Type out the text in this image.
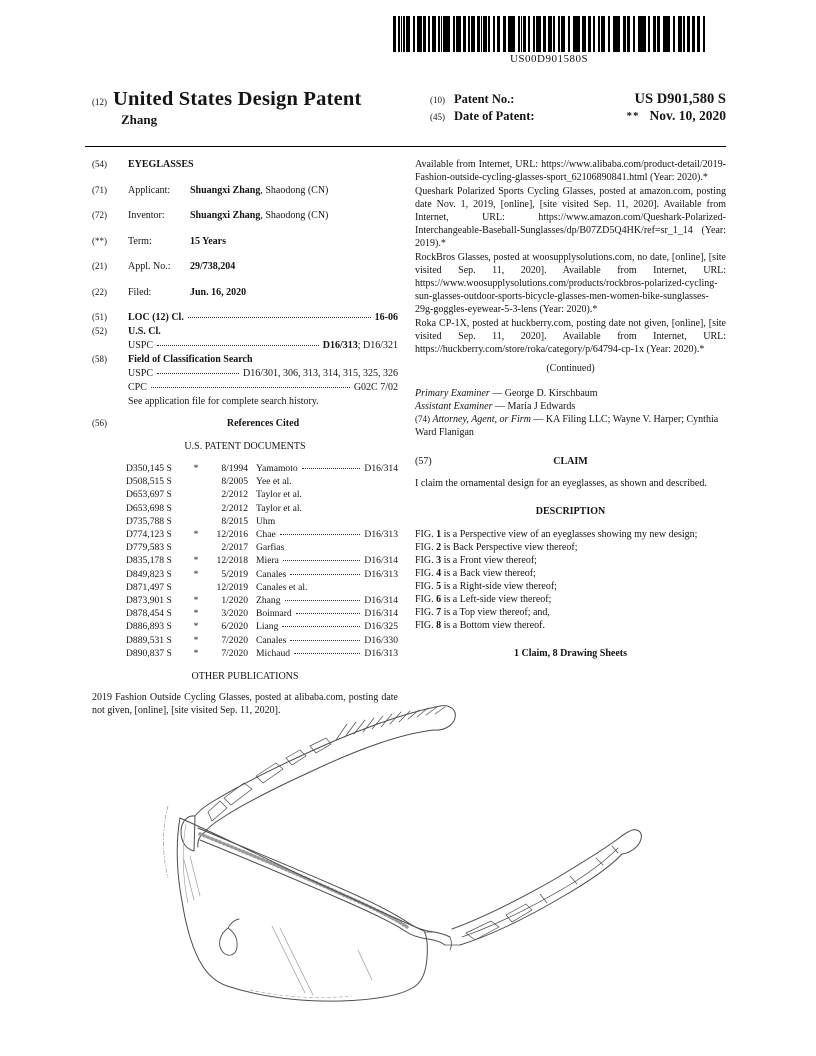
US00D901580S
(12) United States Design Patent
Zhang
(10) Patent No.:	US D901,580 S
(45) Date of Patent:	** Nov. 10, 2020
(54)	EYEGLASSES
(71)	Applicant:	Shuangxi Zhang, Shaodong (CN)
(72)	Inventor:	Shuangxi Zhang, Shaodong (CN)
(**)	Term:	15 Years
(21)	Appl. No.:	29/738,204
(22)	Filed:	Jun. 16, 2020
(51)	LOC (12) Cl.	16-06
(52)	U.S. Cl.
USPC	D16/313; D16/321
(58)	Field of Classification Search
USPC	D16/301, 306, 313, 314, 315, 325, 326
CPC	G02C 7/02
See application file for complete search history.
(56)	References Cited
U.S. PATENT DOCUMENTS
D350,145 S	*	8/1994 Yamamoto	D16/314
D508,515 S	8/2005 Yee et al.
D653,697 S	2/2012 Taylor et al.
D653,698 S	2/2012 Taylor et al.
D735,788 S	8/2015 Uhm
D774,123 S	*	12/2016 Chae	D16/313
D779,583 S	2/2017 Garfias
D835,178 S	*	12/2018 Miera	D16/314
D849,823 S	*	5/2019 Canales	D16/313
D871,497 S	12/2019 Canales et al.
D873,901 S	*	1/2020 Zhang	D16/314
D878,454 S	*	3/2020 Boinnard	D16/314
D886,893 S	*	6/2020 Liang	D16/325
D889,531 S	*	7/2020 Canales	D16/330
D890,837 S	*	7/2020 Michaud	D16/313
OTHER PUBLICATIONS

2019 Fashion Outside Cycling Glasses, posted at alibaba.com, posting date not given, [online], [site visited Sep. 11, 2020].

Available from Internet, URL: https://www.alibaba.com/product-detail/2019-Fashion-outside-cycling-glasses-sport_62106890841.html (Year: 2020).*

Queshark Polarized Sports Cycling Glasses, posted at amazon.com, posting date Nov. 1, 2019, [online], [site visited Sep. 11, 2020]. Available from Internet, URL: https://www.amazon.com/Queshark-Polarized-Interchangeable-Baseball-Sunglasses/dp/B07ZD5Q4HK/ref=sr_1_14 (Year: 2019).*

RockBros Glasses, posted at woosupplysolutions.com, no date, [online], [site visited Sep. 11, 2020]. Available from Internet, URL: https://www.woosupplysolutions.com/products/rockbros-polarized-cycling-sun-glasses-outdoor-sports-bicycle-glasses-men-women-bike-sunglasses-29g-goggles-eyewear-5-3-lens (Year: 2020).*

Roka CP-1X, posted at huckberry.com, posting date not given, [online], [site visited Sep. 11, 2020]. Available from Internet, URL: https://huckberry.com/store/roka/category/p/64794-cp-1x (Year: 2020).*

(Continued)

Primary Examiner — George D. Kirschbaum

Assistant Examiner — Maria J Edwards

(74) Attorney, Agent, or Firm — KA Filing LLC; Wayne V. Harper; Cynthia Ward Flanigan

(57)	CLAIM

I claim the ornamental design for an eyeglasses, as shown and described.

DESCRIPTION

FIG. 1 is a Perspective view of an eyeglasses showing my new design;

FIG. 2 is Back Perspective view thereof;

FIG. 3 is a Front view thereof;

FIG. 4 is a Back view thereof;

FIG. 5 is a Right-side view thereof;

FIG. 6 is a Left-side view thereof;

FIG. 7 is a Top view thereof; and,

FIG. 8 is a Bottom view thereof.

1 Claim, 8 Drawing Sheets
